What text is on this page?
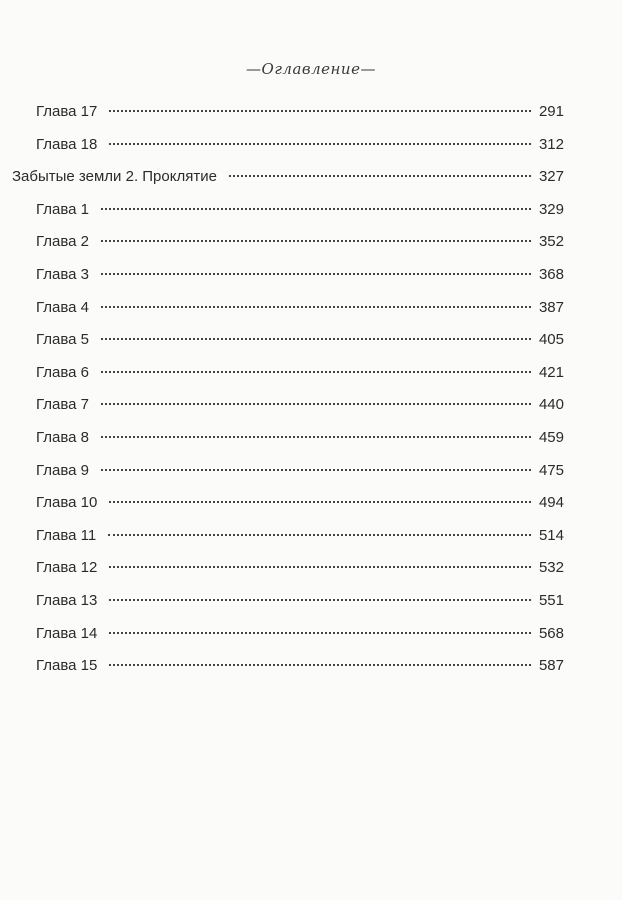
—Оглавление—
Глава 17	291
Глава 18	312
Забытые земли 2. Проклятие	327
Глава 1	329
Глава 2	352
Глава 3	368
Глава 4	387
Глава 5	405
Глава 6	421
Глава 7	440
Глава 8	459
Глава 9	475
Глава 10	494
Глава 11	514
Глава 12	532
Глава 13	551
Глава 14	568
Глава 15	587
